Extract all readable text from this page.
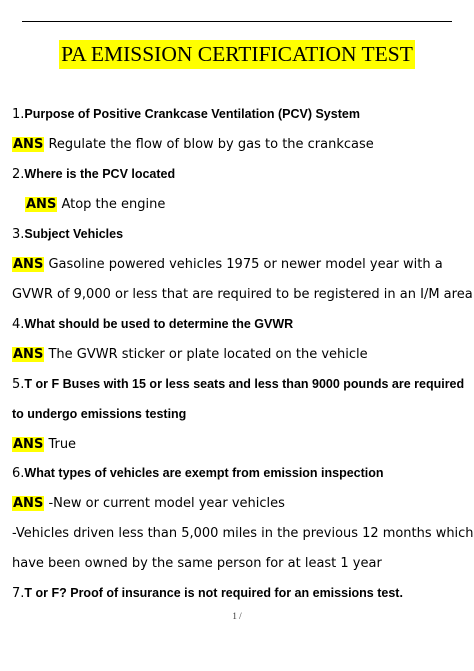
PA EMISSION CERTIFICATION TEST
1.Purpose of Positive Crankcase Ventilation (PCV) System
ANS Regulate the flow of blow by gas to the crankcase
2.Where is the PCV located
ANS Atop the engine
3.Subject Vehicles
ANS Gasoline powered vehicles 1975 or newer model year with a
GVWR of 9,000 or less that are required to be registered in an I/M area
4.What should be used to determine the GVWR
ANS The GVWR sticker or plate located on the vehicle
5.T or F Buses with 15 or less seats and less than 9000 pounds are required
to undergo emissions testing
ANS True
6.What types of vehicles are exempt from emission inspection
ANS -New or current model year vehicles
-Vehicles driven less than 5,000 miles in the previous 12 months which
have been owned by the same person for at least 1 year
7.T or F? Proof of insurance is not required for an emissions test.
1 /
